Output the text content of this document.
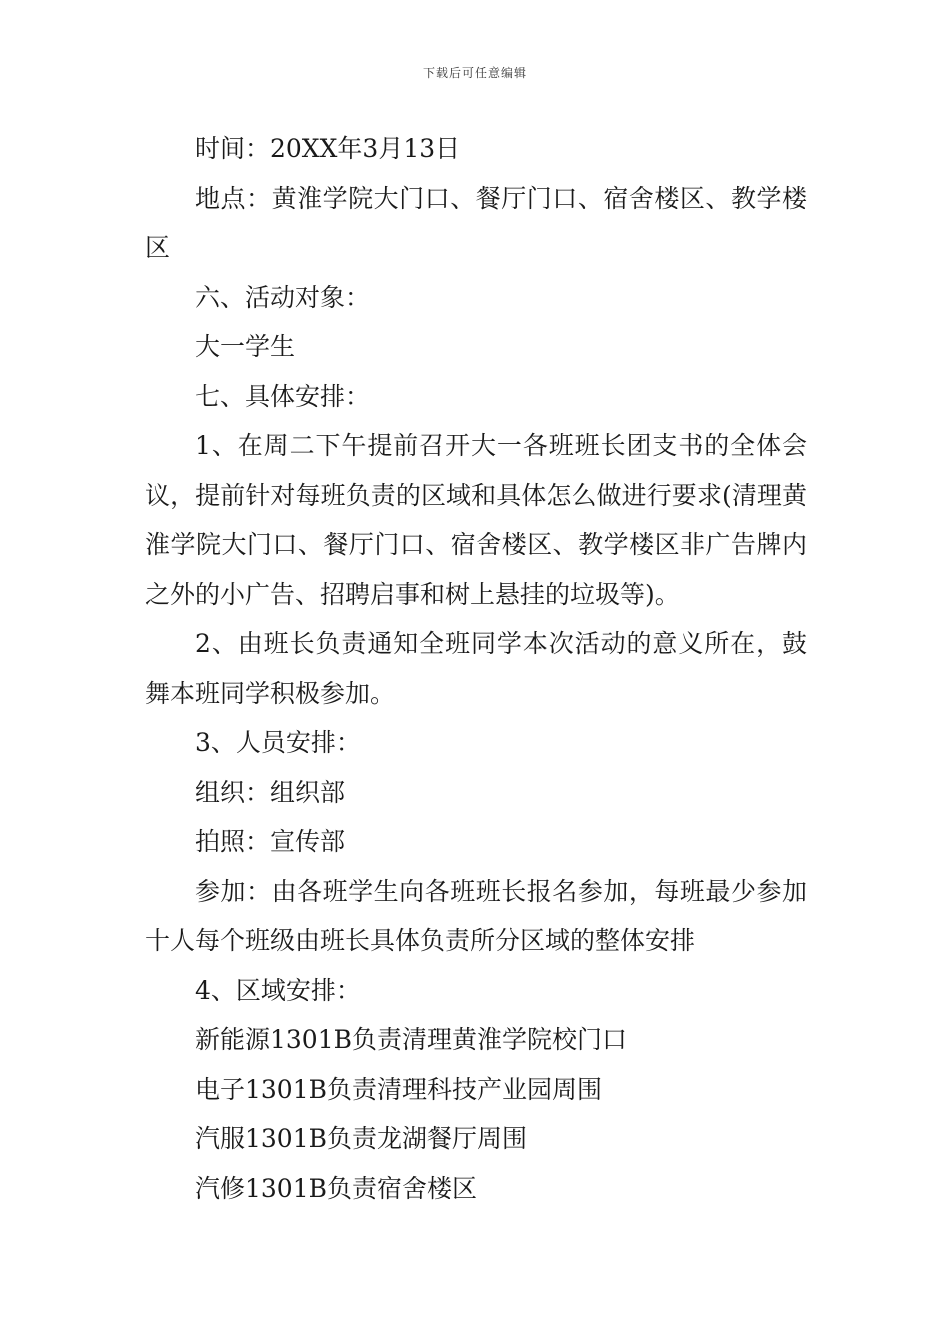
下载后可任意编辑

时间：20XX年3月13日

地点：黄淮学院大门口、餐厅门口、宿舍楼区、教学楼区

六、活动对象：

大一学生

七、具体安排：

1、在周二下午提前召开大一各班班长团支书的全体会议，提前针对每班负责的区域和具体怎么做进行要求(清理黄淮学院大门口、餐厅门口、宿舍楼区、教学楼区非广告牌内之外的小广告、招聘启事和树上悬挂的垃圾等)。

2、由班长负责通知全班同学本次活动的意义所在，鼓舞本班同学积极参加。

3、人员安排：

组织：组织部

拍照：宣传部

参加：由各班学生向各班班长报名参加，每班最少参加十人每个班级由班长具体负责所分区域的整体安排

4、区域安排：

新能源1301B负责清理黄淮学院校门口

电子1301B负责清理科技产业园周围

汽服1301B负责龙湖餐厅周围

汽修1301B负责宿舍楼区
